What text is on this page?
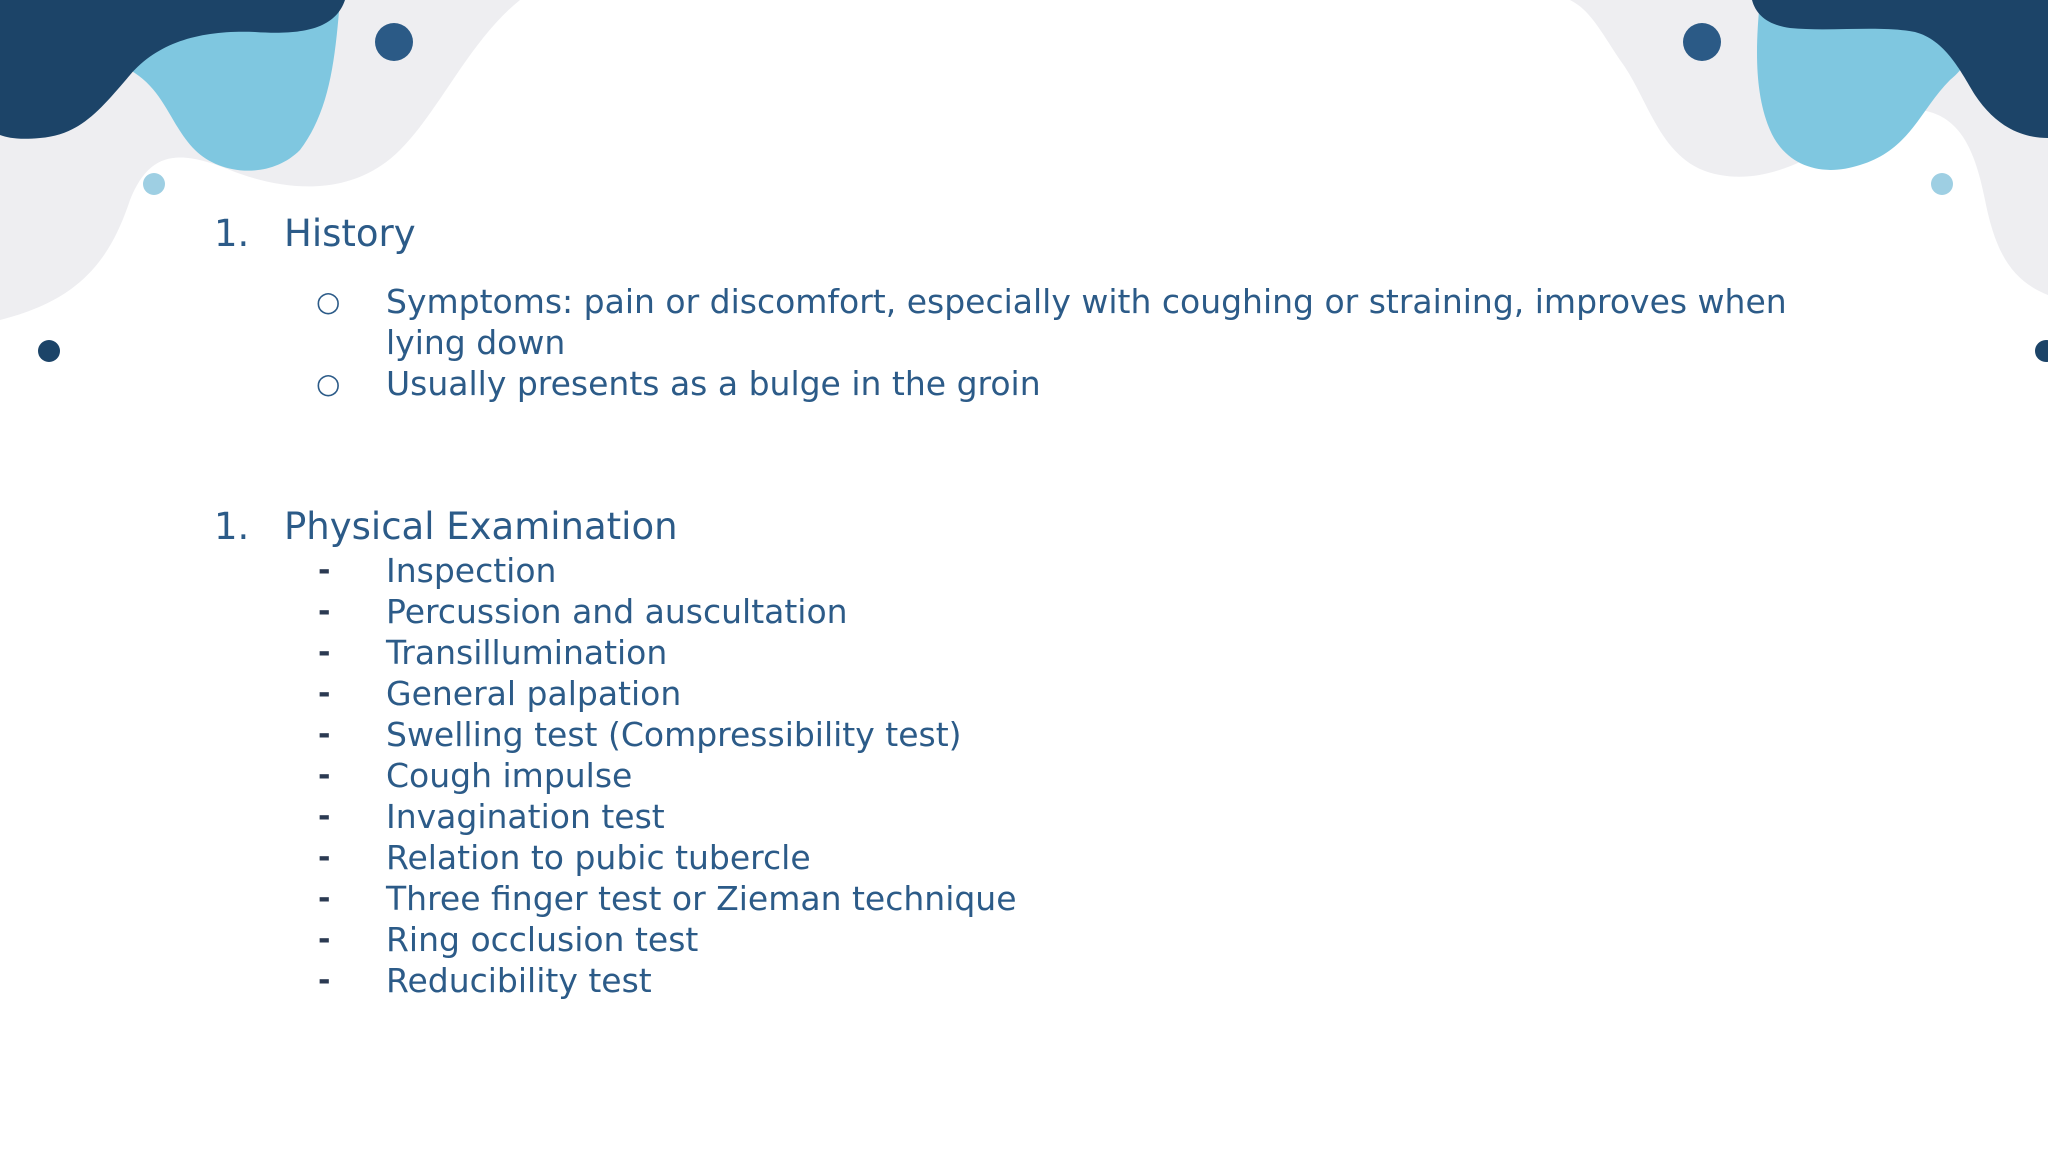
1. History
○ Symptoms: pain or discomfort, especially with coughing or straining, improves when lying down
○ Usually presents as a bulge in the groin
1. Physical Examination
- Inspection
- Percussion and auscultation
- Transillumination
- General palpation
- Swelling test (Compressibility test)
- Cough impulse
- Invagination test
- Relation to pubic tubercle
- Three finger test or Zieman technique
- Ring occlusion test
- Reducibility test
